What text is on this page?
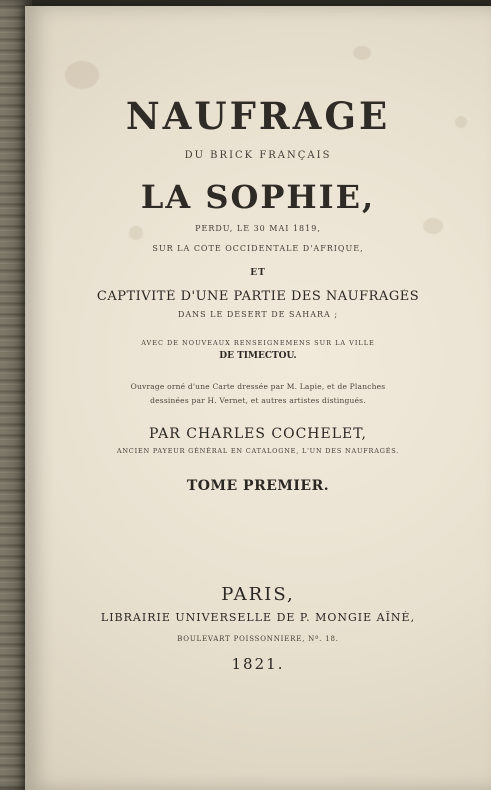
NAUFRAGE
DU BRICK FRANÇAIS
LA SOPHIE,
PERDU, LE 30 MAI 1819,
SUR LA CÔTE OCCIDENTALE D'AFRIQUE,
ET
CAPTIVITÉ D'UNE PARTIE DES NAUFRAGÉS
DANS LE DÉSERT DE SAHARA ;
AVEC DE NOUVEAUX RENSEIGNEMENS SUR LA VILLE
DE TIMECTOU.
Ouvrage orné d'une Carte dressée par M. Lapie, et de Planches
dessinées par H. Vernet, et autres artistes distingués.
PAR CHARLES COCHELET,
ANCIEN PAYEUR GÉNÉRAL EN CATALOGNE, L'UN DES NAUFRAGÉS.
TOME PREMIER.
PARIS,
LIBRAIRIE UNIVERSELLE DE P. MONGIE AÎNÉ,
BOULEVART POISSONNIÈRE, Nº. 18.
1821.
